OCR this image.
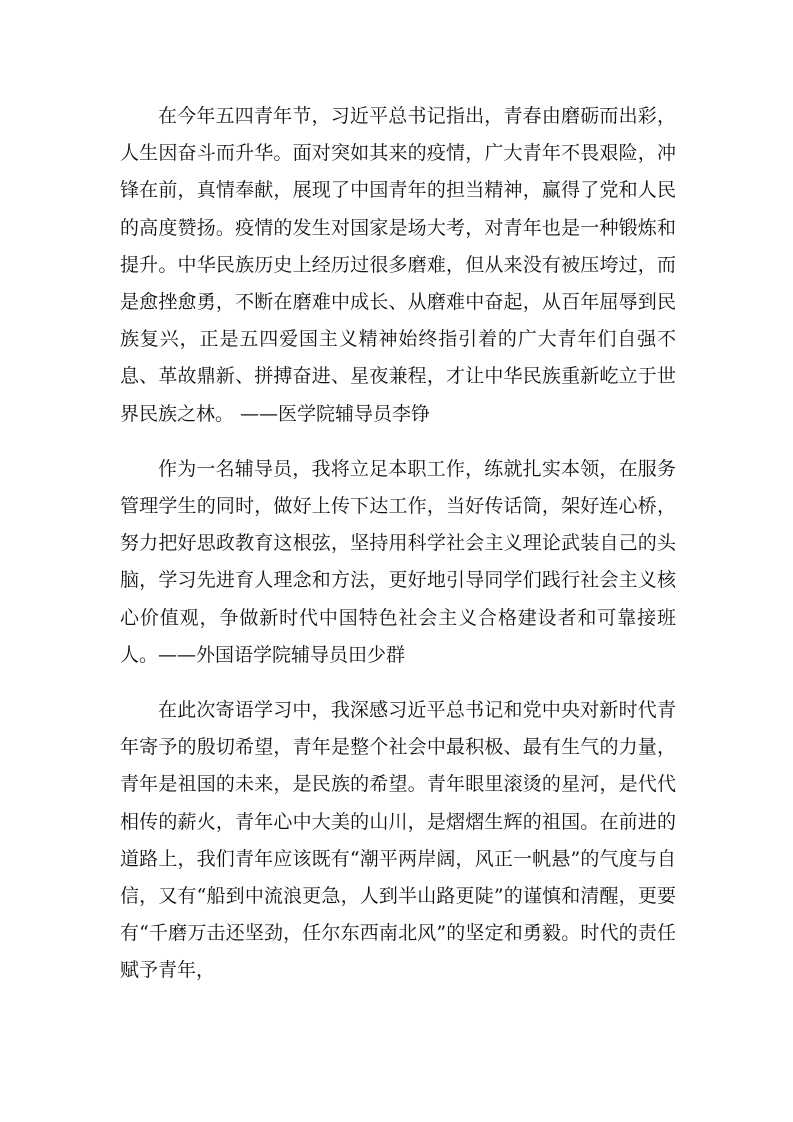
在今年五四青年节，习近平总书记指出，青春由磨砺而出彩，人生因奋斗而升华。面对突如其来的疫情，广大青年不畏艰险，冲锋在前，真情奉献，展现了中国青年的担当精神，赢得了党和人民的高度赞扬。疫情的发生对国家是场大考，对青年也是一种锻炼和提升。中华民族历史上经历过很多磨难，但从来没有被压垮过，而是愈挫愈勇，不断在磨难中成长、从磨难中奋起，从百年屈辱到民族复兴，正是五四爱国主义精神始终指引着的广大青年们自强不息、革故鼎新、拼搏奋进、星夜兼程，才让中华民族重新屹立于世界民族之林。 ——医学院辅导员李铮

作为一名辅导员，我将立足本职工作，练就扎实本领，在服务管理学生的同时，做好上传下达工作，当好传话筒，架好连心桥，努力把好思政教育这根弦，坚持用科学社会主义理论武装自己的头脑，学习先进育人理念和方法，更好地引导同学们践行社会主义核心价值观，争做新时代中国特色社会主义合格建设者和可靠接班人。——外国语学院辅导员田少群

在此次寄语学习中，我深感习近平总书记和党中央对新时代青年寄予的殷切希望，青年是整个社会中最积极、最有生气的力量，青年是祖国的未来，是民族的希望。青年眼里滚烫的星河，是代代相传的薪火，青年心中大美的山川，是熠熠生辉的祖国。在前进的道路上，我们青年应该既有“潮平两岸阔，风正一帆悬”的气度与自信，又有“船到中流浪更急，人到半山路更陡”的谨慎和清醒，更要有“千磨万击还坚劲，任尔东西南北风”的坚定和勇毅。时代的责任赋予青年，
